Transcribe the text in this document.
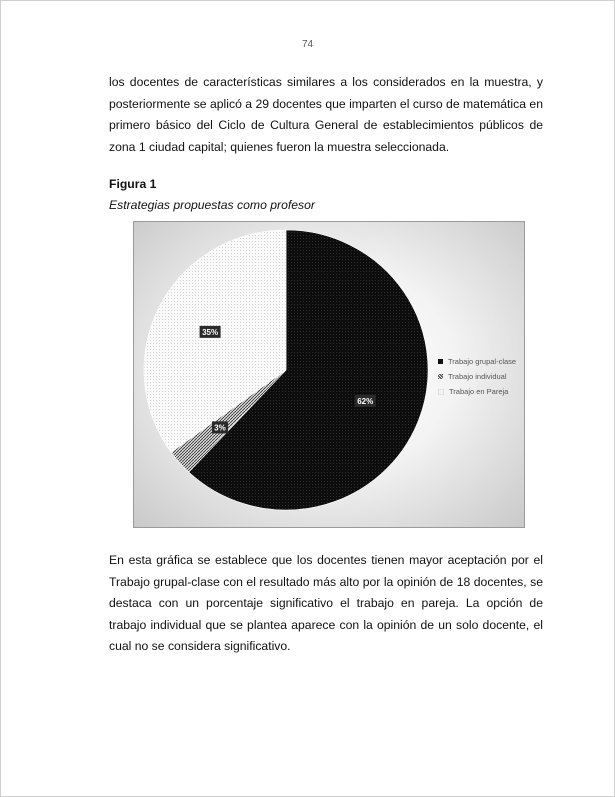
74

los docentes de características similares a los considerados en la muestra, y posteriormente se aplicó a 29 docentes que imparten el curso de matemática en primero básico del Ciclo de Cultura General de establecimientos públicos de zona 1 ciudad capital; quienes fueron la muestra seleccionada.

Figura 1
Estrategias propuestas como profesor
62%
3%
35%
Trabajo grupal-clase
Trabajo individual
Trabajo en Pareja

En esta gráfica se establece que los docentes tienen mayor aceptación por el Trabajo grupal-clase con el resultado más alto por la opinión de 18 docentes, se destaca con un porcentaje significativo el trabajo en pareja. La opción de trabajo individual que se plantea aparece con la opinión de un solo docente, el cual no se considera significativo.
